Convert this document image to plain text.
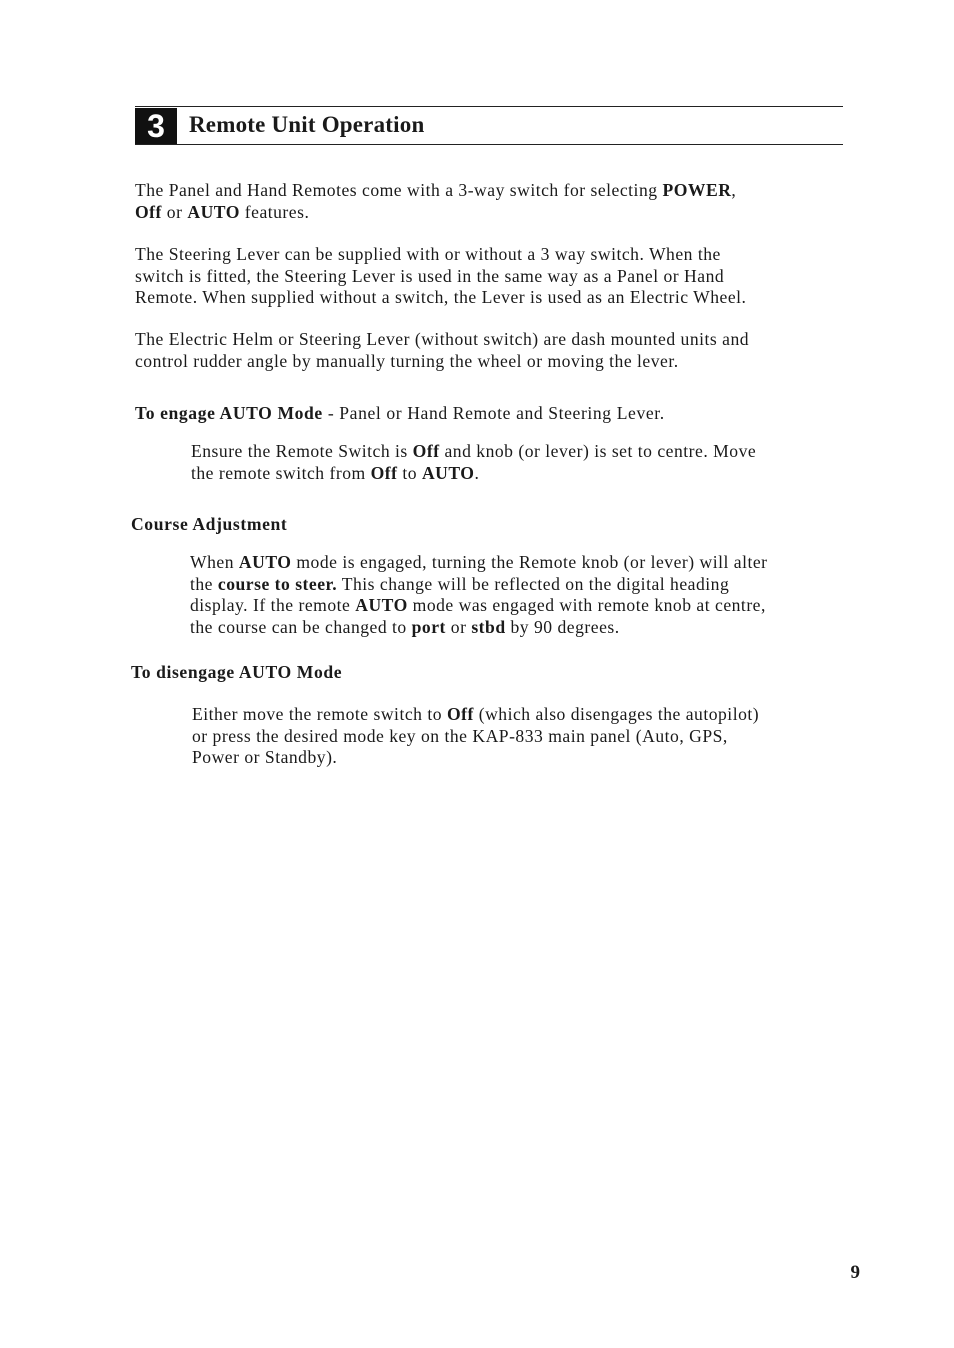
3	Remote Unit Operation

The Panel and Hand Remotes come with a 3-way switch for selecting POWER,
Off or AUTO features.

The Steering Lever can be supplied with or without a 3 way switch. When the
switch is fitted, the Steering Lever is used in the same way as a Panel or Hand
Remote. When supplied without a switch, the Lever is used as an Electric Wheel.

The Electric Helm or Steering Lever (without switch) are dash mounted units and
control rudder angle by manually turning the wheel or moving the lever.

To engage AUTO Mode - Panel or Hand Remote and Steering Lever.

Ensure the Remote Switch is Off and knob (or lever) is set to centre. Move
the remote switch from Off to AUTO.

Course Adjustment

When AUTO mode is engaged, turning the Remote knob (or lever) will alter
the course to steer. This change will be reflected on the digital heading
display. If the remote AUTO mode was engaged with remote knob at centre,
the course can be changed to port or stbd by 90 degrees.

To disengage AUTO Mode

Either move the remote switch to Off (which also disengages the autopilot)
or press the desired mode key on the KAP-833 main panel (Auto, GPS,
Power or Standby).

9
